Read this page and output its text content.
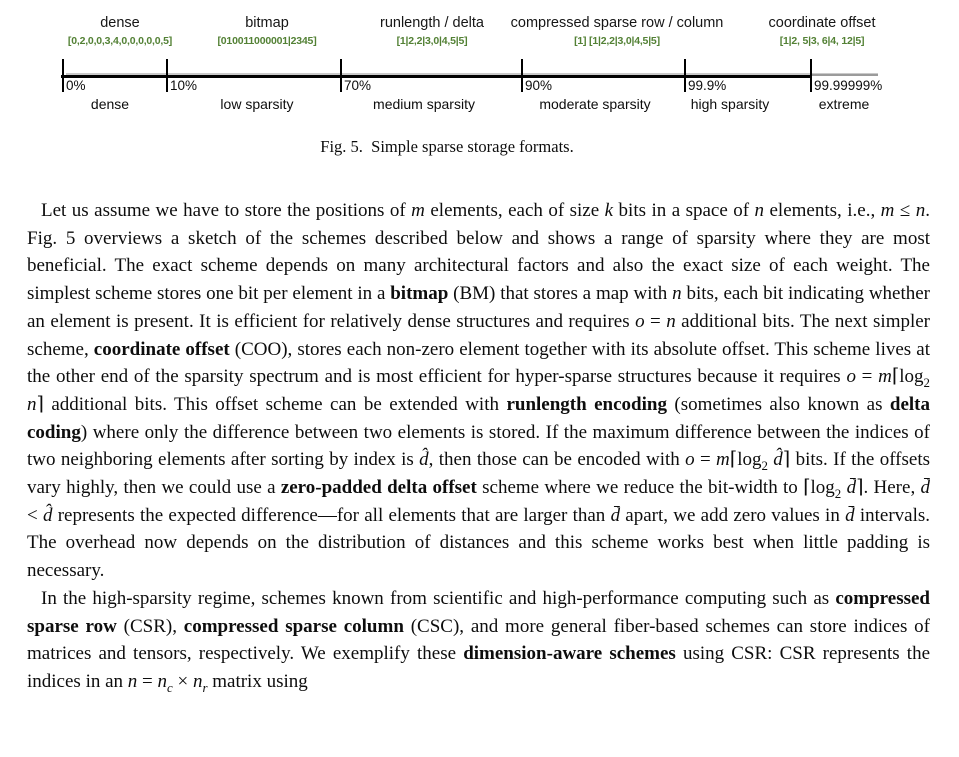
dense
[0,2,0,0,3,4,0,0,0,0,0,5]
bitmap
[010011000001|2345]
runlength / delta
[1|2,2|3,0|4,5|5]
compressed sparse row / column
[1] [1|2,2|3,0|4,5|5]
coordinate offset
[1|2, 5|3, 6|4, 12|5]
0%	10%	70%	90%	99.9%	99.99999%
dense	low sparsity	medium sparsity	moderate sparsity	high sparsity	extreme
Fig. 5.  Simple sparse storage formats.

Let us assume we have to store the positions of m elements, each of size k bits in a space of n elements, i.e., m ≤ n. Fig. 5 overviews a sketch of the schemes described below and shows a range of sparsity where they are most beneficial. The exact scheme depends on many architectural factors and also the exact size of each weight. The simplest scheme stores one bit per element in a bitmap (BM) that stores a map with n bits, each bit indicating whether an element is present. It is efficient for relatively dense structures and requires o = n additional bits. The next simpler scheme, coordinate offset (COO), stores each non-zero element together with its absolute offset. This scheme lives at the other end of the sparsity spectrum and is most efficient for hyper-sparse structures because it requires $o = m⌈\log_2$ n⌉ additional bits. This offset scheme can be extended with runlength encoding (sometimes also known as delta coding) where only the difference between two elements is stored. If the maximum difference between the indices of two neighboring elements after sorting by index is d̂, then those can be encoded with $o = m⌈\log_2$ d̂⌉ bits. If the offsets vary highly, then we could use a zero-padded delta offset scheme where we reduce the bit-width to $⌈\log_2$ d̄⌉. Here, d̄ < d̂ represents the expected difference—for all elements that are larger than d̄ apart, we add zero values in d̄ intervals. The overhead now depends on the distribution of distances and this scheme works best when little padding is necessary.

In the high-sparsity regime, schemes known from scientific and high-performance computing such as compressed sparse row (CSR), compressed sparse column (CSC), and more general fiber-based schemes can store indices of matrices and tensors, respectively. We exemplify these dimension-aware schemes using CSR: CSR represents the indices in an $n = n_c \times n_r$ matrix using
